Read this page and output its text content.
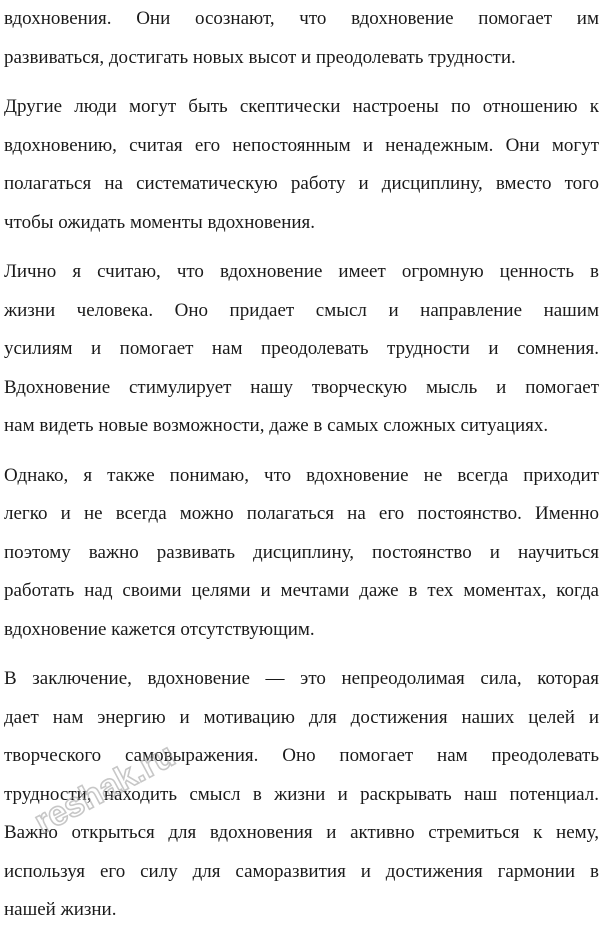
вдохновения. Они осознают, что вдохновение помогает им
развиваться, достигать новых высот и преодолевать трудности.

Другие люди могут быть скептически настроены по отношению к
вдохновению, считая его непостоянным и ненадежным. Они могут
полагаться на систематическую работу и дисциплину, вместо того
чтобы ожидать моменты вдохновения.

Лично я считаю, что вдохновение имеет огромную ценность в
жизни человека. Оно придает смысл и направление нашим
усилиям и помогает нам преодолевать трудности и сомнения.
Вдохновение стимулирует нашу творческую мысль и помогает
нам видеть новые возможности, даже в самых сложных ситуациях.

Однако, я также понимаю, что вдохновение не всегда приходит
легко и не всегда можно полагаться на его постоянство. Именно
поэтому важно развивать дисциплину, постоянство и научиться
работать над своими целями и мечтами даже в тех моментах, когда
вдохновение кажется отсутствующим.

В заключение, вдохновение — это непреодолимая сила, которая
дает нам энергию и мотивацию для достижения наших целей и
творческого самовыражения. Оно помогает нам преодолевать
трудности, находить смысл в жизни и раскрывать наш потенциал.
Важно открыться для вдохновения и активно стремиться к нему,
используя его силу для саморазвития и достижения гармонии в
нашей жизни.

reshak.ru
